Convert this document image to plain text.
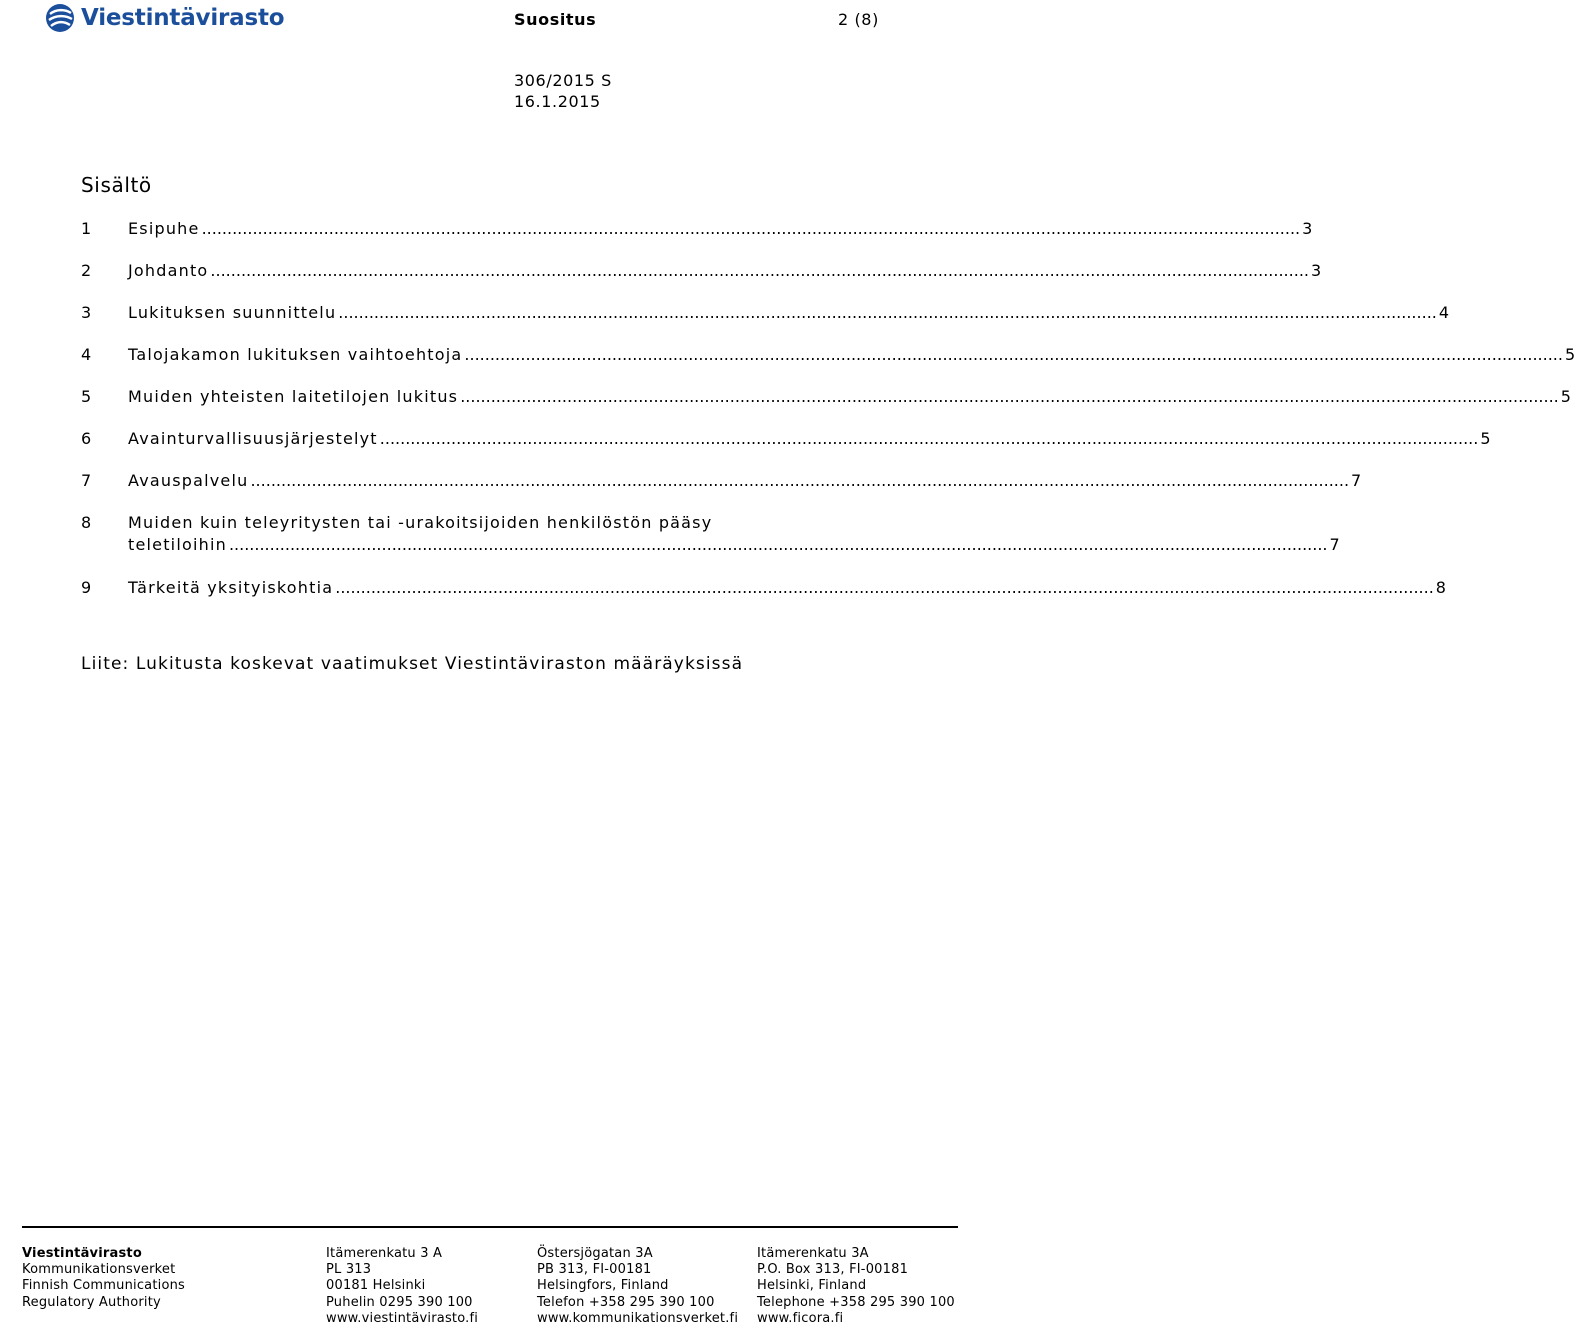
Viestintävirasto	Suositus	2 (8)
306/2015 S
16.1.2015
Sisältö
1	Esipuhe .....	3
2	Johdanto .....	3
3	Lukituksen suunnittelu .....	4
4	Talojakamon lukituksen vaihtoehtoja .....	5
5	Muiden yhteisten laitetilojen lukitus .....	5
6	Avainturvallisuusjärjestelyt .....	5
7	Avauspalvelu .....	7
8	Muiden kuin teleyritysten tai -urakoitsijoiden henkilöstön pääsy
teletiloihin .....	7
9	Tärkeitä yksityiskohtia .....	8
Liite: Lukitusta koskevat vaatimukset Viestintäviraston määräyksissä
Viestintävirasto
Kommunikationsverket
Finnish Communications
Regulatory Authority
Itämerenkatu 3 A
PL 313
00181 Helsinki
Puhelin 0295 390 100
www.viestintävirasto.fi
Östersjögatan 3A
PB 313, FI-00181
Helsingfors, Finland
Telefon +358 295 390 100
www.kommunikationsverket.fi
Itämerenkatu 3A
P.O. Box 313, FI-00181
Helsinki, Finland
Telephone +358 295 390 100
www.ficora.fi
